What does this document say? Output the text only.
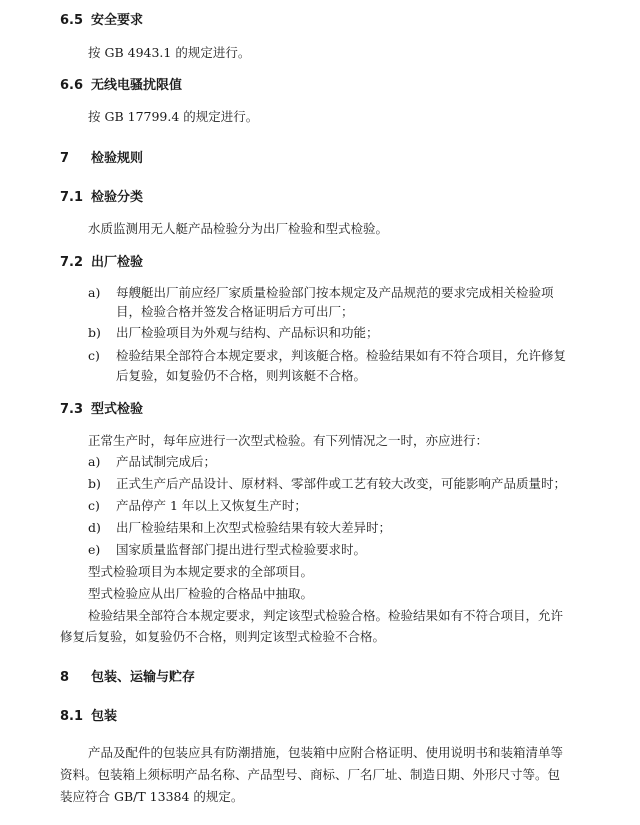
6.5 安全要求
按 GB 4943.1 的规定进行。
6.6 无线电骚扰限值
按 GB 17799.4 的规定进行。
7 检验规则
7.1 检验分类
水质监测用无人艇产品检验分为出厂检验和型式检验。
7.2 出厂检验
a) 每艘艇出厂前应经厂家质量检验部门按本规定及产品规范的要求完成相关检验项
目，检验合格并签发合格证明后方可出厂；
b) 出厂检验项目为外观与结构、产品标识和功能；
c) 检验结果全部符合本规定要求，判该艇合格。检验结果如有不符合项目，允许修复
后复验，如复验仍不合格，则判该艇不合格。
7.3 型式检验
正常生产时，每年应进行一次型式检验。有下列情况之一时，亦应进行：
a) 产品试制完成后；
b) 正式生产后产品设计、原材料、零部件或工艺有较大改变，可能影响产品质量时；
c) 产品停产 1 年以上又恢复生产时；
d) 出厂检验结果和上次型式检验结果有较大差异时；
e) 国家质量监督部门提出进行型式检验要求时。
型式检验项目为本规定要求的全部项目。
型式检验应从出厂检验的合格品中抽取。
检验结果全部符合本规定要求，判定该型式检验合格。检验结果如有不符合项目，允许
修复后复验，如复验仍不合格，则判定该型式检验不合格。
8 包装、运输与贮存
8.1 包装
产品及配件的包装应具有防潮措施，包装箱中应附合格证明、使用说明书和装箱清单等
资料。包装箱上须标明产品名称、产品型号、商标、厂名厂址、制造日期、外形尺寸等。包
装应符合 GB/T 13384 的规定。
